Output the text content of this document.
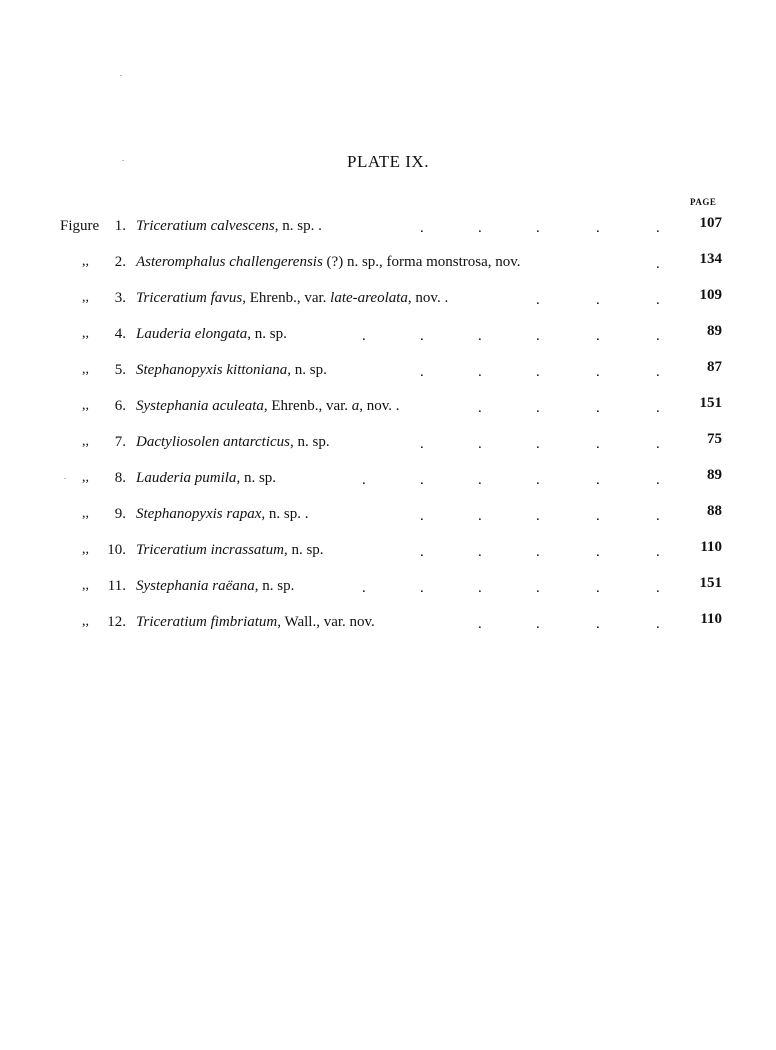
PLATE IX.
PAGE
Figure	1. Triceratium calvescens, n. sp. .	.	.	.	.	.	107
,,	2. Asteromphalus challengerensis (?) n. sp., forma monstrosa, nov.	.	134
,,	3. Triceratium favus, Ehrenb., var. late-areolata, nov. .	.	.	.	109
,,	4. Lauderia elongata, n. sp.	.	.	.	.	.	.	89
,,	5. Stephanopyxis kittoniana, n. sp.	.	.	.	.	.	87
,,	6. Systephania aculeata, Ehrenb., var. a, nov. .	.	.	.	.	151
,,	7. Dactyliosolen antarcticus, n. sp.	.	.	.	.	.	75
,,	8. Lauderia pumila, n. sp.	.	.	.	.	.	.	89
,,	9. Stephanopyxis rapax, n. sp. .	.	.	.	.	.	88
,,	10. Triceratium incrassatum, n. sp.	.	.	.	.	.	110
,,	11. Systephania raëana, n. sp.	.	.	.	.	.	.	151
,,	12. Triceratium fimbriatum, Wall., var. nov.	.	.	.	.	110
